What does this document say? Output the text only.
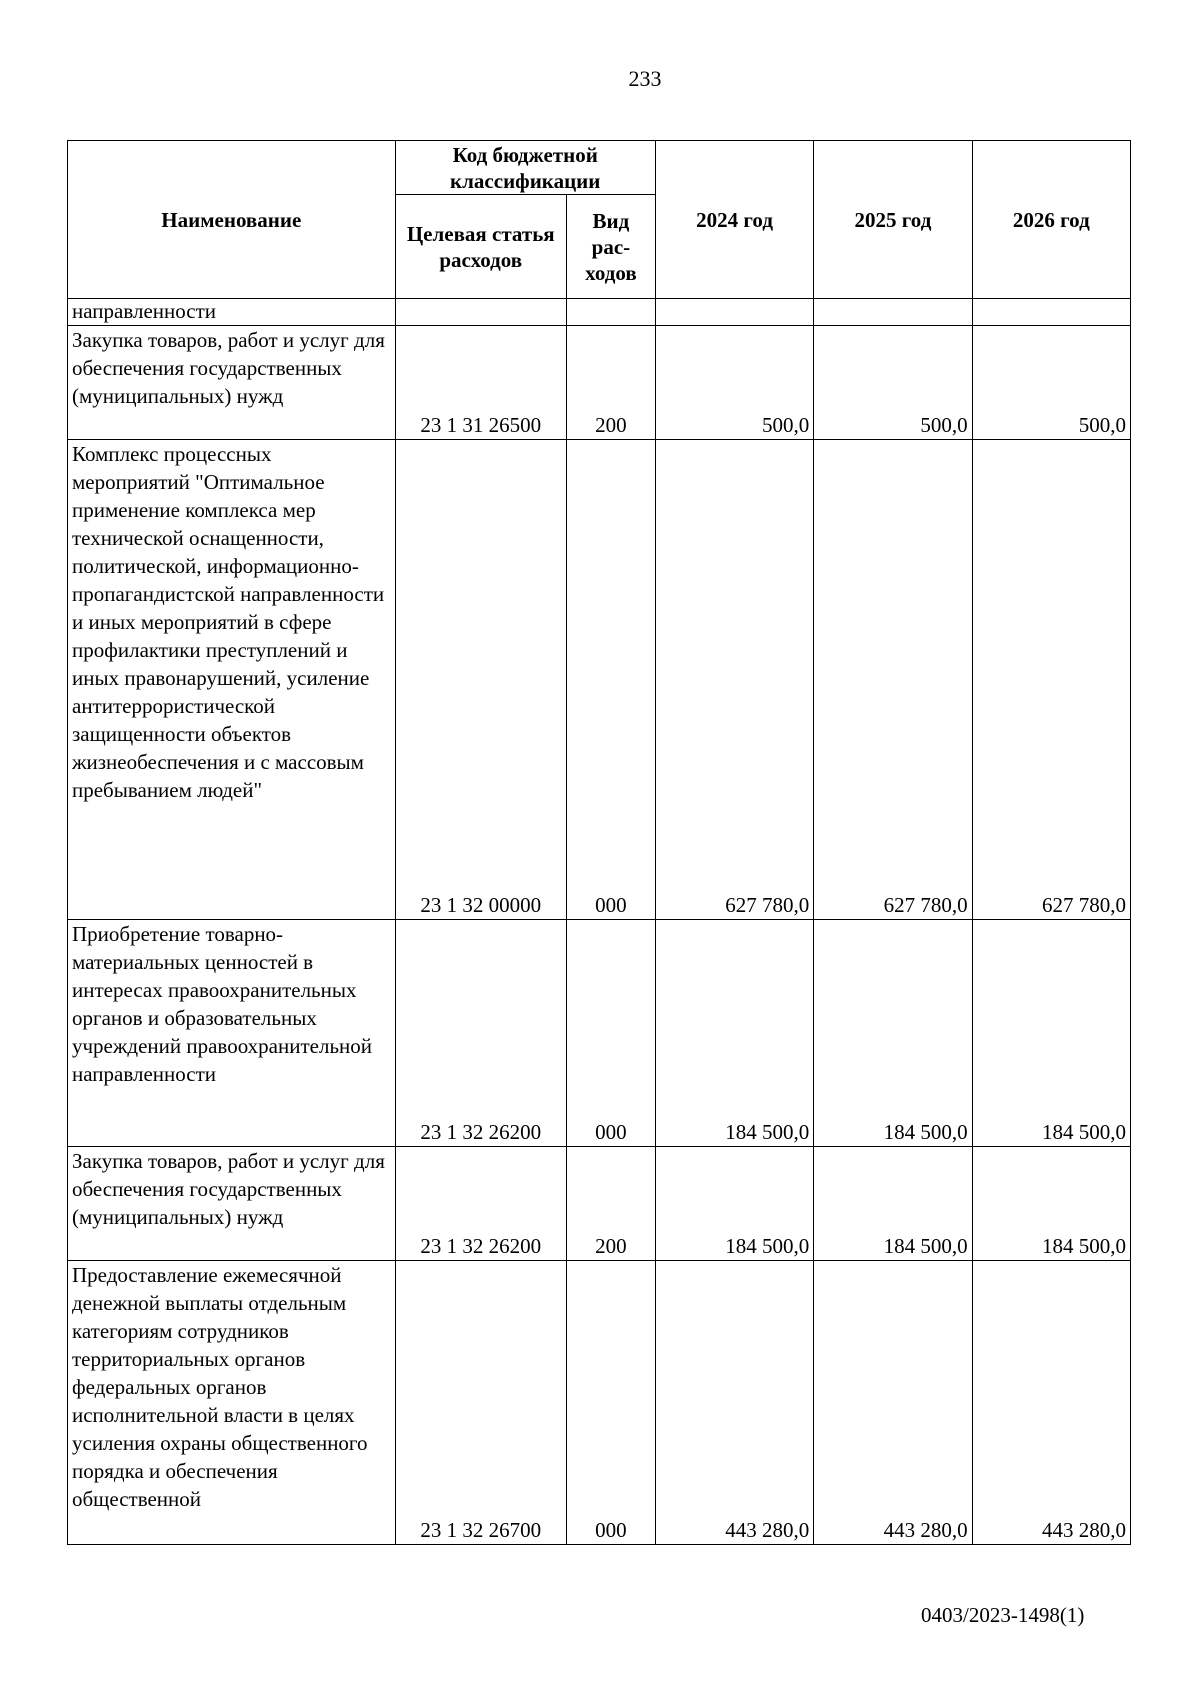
233
Наименование	Код бюджетной классификации		2024 год	2025 год	2026 год
	Целевая статья расходов	Вид рас-ходов			
направленности					
Закупка товаров, работ и услуг для обеспечения государственных (муниципальных) нужд	23 1 31 26500	200	500,0	500,0	500,0
Комплекс процессных мероприятий "Оптимальное применение комплекса мер технической оснащенности, политической, информационно-пропагандистской направленности и иных мероприятий в сфере профилактики преступлений и иных правонарушений, усиление антитеррористической защищенности объектов жизнеобеспечения и с массовым пребыванием людей"	23 1 32 00000	000	627 780,0	627 780,0	627 780,0
Приобретение товарно-материальных ценностей в интересах правоохранительных органов и образовательных учреждений правоохранительной направленности	23 1 32 26200	000	184 500,0	184 500,0	184 500,0
Закупка товаров, работ и услуг для обеспечения государственных (муниципальных) нужд	23 1 32 26200	200	184 500,0	184 500,0	184 500,0
Предоставление ежемесячной денежной выплаты отдельным категориям сотрудников территориальных органов федеральных органов исполнительной власти в целях усиления охраны общественного порядка и обеспечения общественной	23 1 32 26700	000	443 280,0	443 280,0	443 280,0
0403/2023-1498(1)
